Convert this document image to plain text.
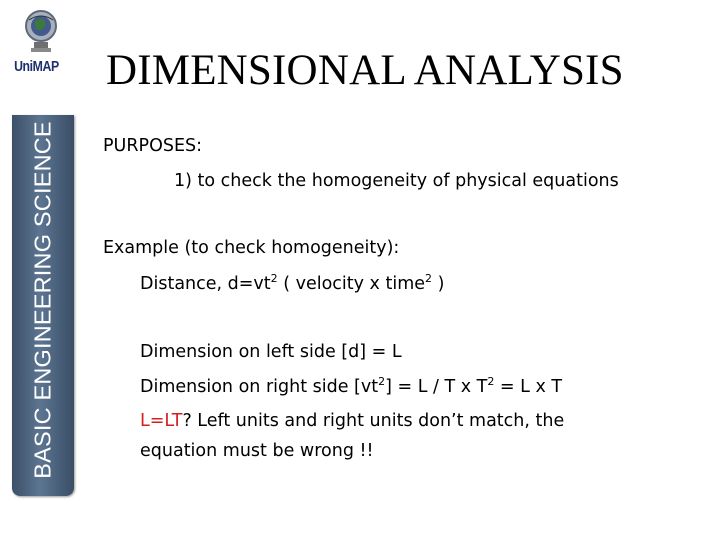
UniMAP
BASIC ENGINEERING SCIENCE
DIMENSIONAL ANALYSIS
PURPOSES:
1) to check the homogeneity of physical equations
Example (to check homogeneity):
Distance, $d=vt^2$ ( velocity x time$^2$ )
Dimension on left side [d] = L
Dimension on right side $[vt^2] = L / T$ x $T^2 = L$ x T
L=LT? Left units and right units don’t match, the
equation must be wrong !!
